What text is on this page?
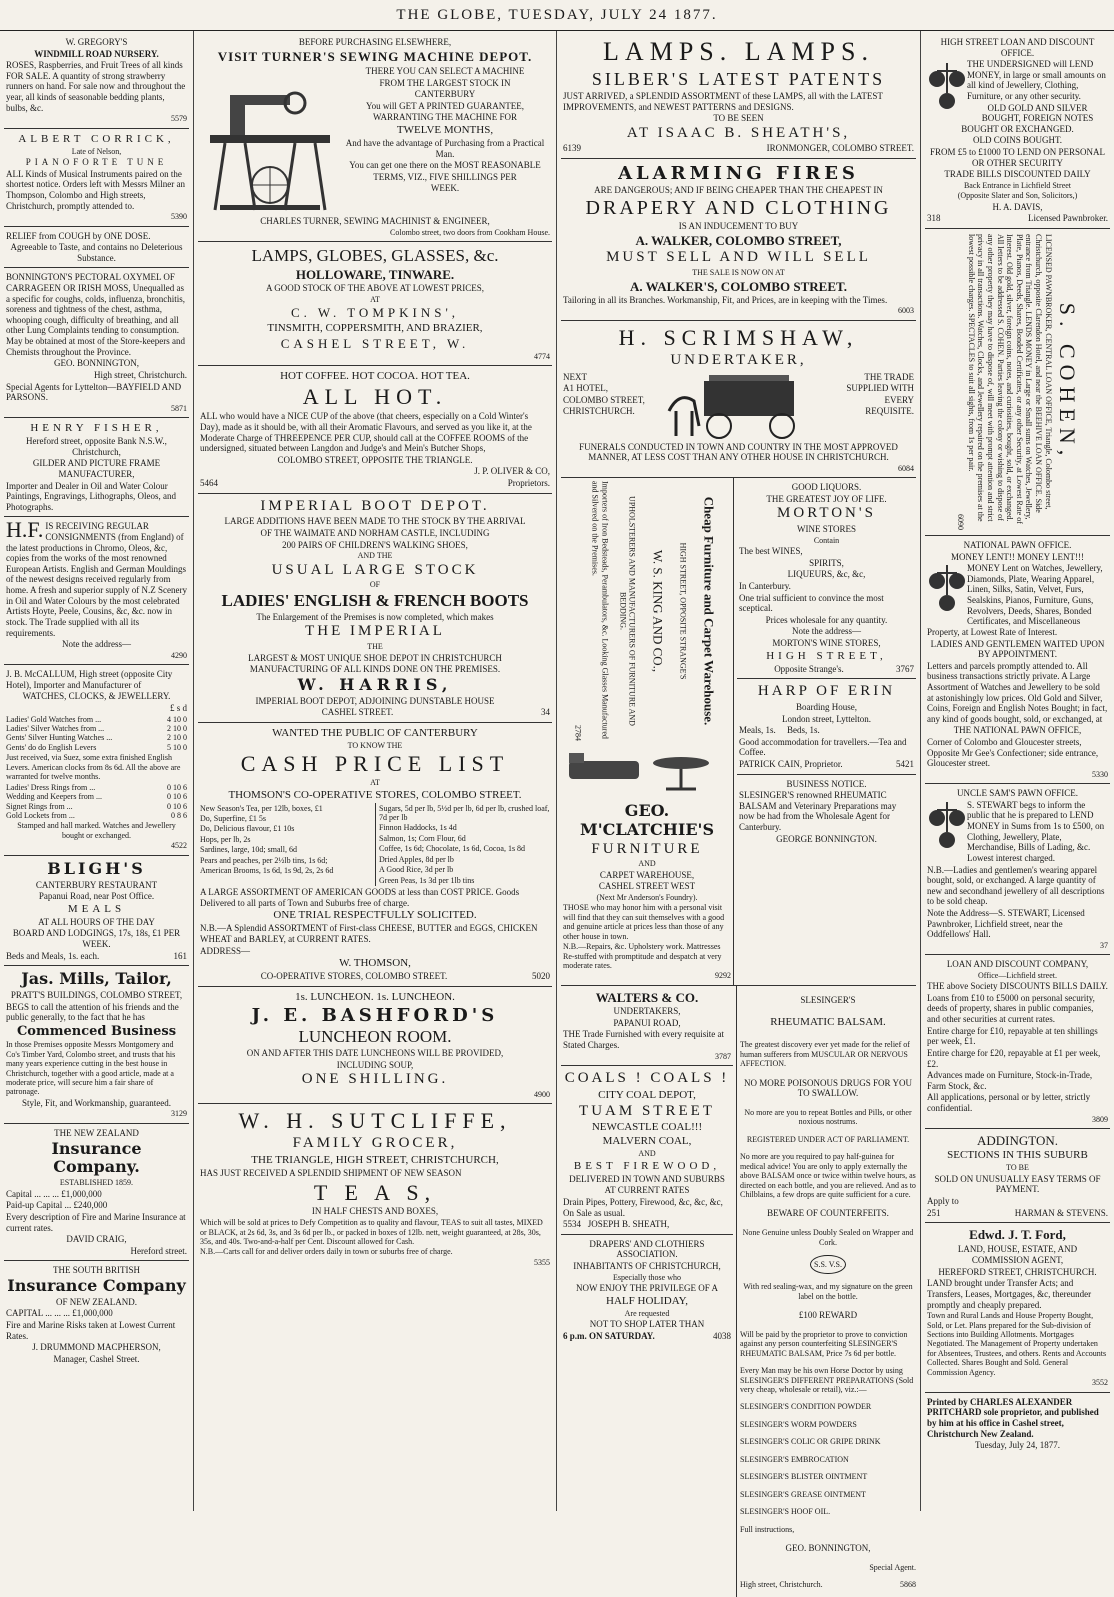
THE GLOBE, TUESDAY, JULY 24 1877.

W. GREGORY'S

WINDMILL ROAD NURSERY.

ROSES, Raspberries, and Fruit Trees of all kinds FOR SALE. A quantity of strong strawberry runners on hand. For sale now and throughout the year, all kinds of seasonable bedding plants, bulbs, &c.

5579

ALBERT CORRICK,

Late of Nelson,

PIANOFORTE TUNE

ALL Kinds of Musical Instruments paired on the shortest notice. Orders left with Messrs Milner an Thompson, Colombo and High streets, Christchurch, promptly attended to.

5390

RELIEF from COUGH by ONE DOSE.

Agreeable to Taste, and contains no Deleterious Substance.

BONNINGTON'S PECTORAL OXYMEL OF CARRAGEEN OR IRISH MOSS, Unequalled as a specific for coughs, colds, influenza, bronchitis, soreness and tightness of the chest, asthma, whooping cough, difficulty of breathing, and all other Lung Complaints tending to consumption. May be obtained at most of the Store-keepers and Chemists throughout the Province.

GEO. BONNINGTON,

High street, Christchurch.

Special Agents for Lyttelton—BAYFIELD AND PARSONS.

5871

HENRY FISHER,

Hereford street, opposite Bank N.S.W., Christchurch,

GILDER AND PICTURE FRAME MANUFACTURER,

Importer and Dealer in Oil and Water Colour Paintings, Engravings, Lithographs, Oleos, and Photographs.

H.F. IS RECEIVING REGULAR CONSIGNMENTS (from England) of the latest productions in Chromo, Oleos, &c, copies from the works of the most renowned European Artists. English and German Mouldings of the newest designs received regularly from home. A fresh and superior supply of N.Z Scenery in Oil and Water Colours by the most celebrated Artists Hoyte, Peele, Cousins, &c, &c. now in stock. The Trade supplied with all its requirements.

Note the address—

4290

J. B. McCALLUM, High street (opposite City Hotel), Importer and Manufacturer of

WATCHES, CLOCKS, & JEWELLERY.

£ s d

Ladies' Gold Watches from ...	4 10 0
Ladies' Silver Watches from ...	2 10 0
Gents' Silver Hunting Watches ...	2 10 0
Gents' do do English Levers	5 10 0

Just received, via Suez, some extra finished English Levers. American clocks from 8s 6d. All the above are warranted for twelve months.

Ladies' Dress Rings from ...	0 10 6
Wedding and Keepers from ...	0 10 6
Signet Rings from ...	0 10 6
Gold Lockets from ...	0 8 6

Stamped and hall marked. Watches and Jewellery bought or exchanged.

4522

BLIGH'S

CANTERBURY RESTAURANT

Papanui Road, near Post Office.

MEALS

AT ALL HOURS OF THE DAY

BOARD AND LODGINGS, 17s, 18s, £1 PER WEEK.

Beds and Meals, 1s. each.	161

Jas. Mills, Tailor,

PRATT'S BUILDINGS, COLOMBO STREET,

BEGS to call the attention of his friends and the public generally, to the fact that he has

Commenced Business

In those Premises opposite Messrs Montgomery and Co's Timber Yard, Colombo street, and trusts that his many years experience cutting in the best house in Christchurch, together with a good article, made at a moderate price, will secure him a fair share of patronage.

Style, Fit, and Workmanship, guaranteed.

3129

THE NEW ZEALAND

Insurance Company.

ESTABLISHED 1859.

Capital ... ... ... £1,000,000

Paid-up Capital ... £240,000

Every description of Fire and Marine Insurance at current rates.

DAVID CRAIG,

Hereford street.

THE SOUTH BRITISH

Insurance Company

OF NEW ZEALAND.

CAPITAL ... ... ... £1,000,000

Fire and Marine Risks taken at Lowest Current Rates.

J. DRUMMOND MACPHERSON,

Manager, Cashel Street.

BEFORE PURCHASING ELSEWHERE,

VISIT TURNER'S SEWING MACHINE DEPOT.

THERE YOU CAN SELECT A MACHINE

FROM THE LARGEST STOCK IN

CANTERBURY

You will GET A PRINTED GUARANTEE,

WARRANTING THE MACHINE FOR

TWELVE MONTHS,

And have the advantage of Purchasing from a Practical Man.

You can get one there on the MOST REASONABLE

TERMS, VIZ., FIVE SHILLINGS PER

WEEK.

CHARLES TURNER, SEWING MACHINIST & ENGINEER,

Colombo street, two doors from Cookham House.

LAMPS, GLOBES, GLASSES, &c.

HOLLOWARE, TINWARE.

A GOOD STOCK OF THE ABOVE AT LOWEST PRICES,

AT

C. W. TOMPKINS',

TINSMITH, COPPERSMITH, AND BRAZIER,

CASHEL STREET, W.

4774

HOT COFFEE. HOT COCOA. HOT TEA.

ALL HOT.

ALL who would have a NICE CUP of the above (that cheers, especially on a Cold Winter's Day), made as it should be, with all their Aromatic Flavours, and served as you like it, at the Moderate Charge of THREEPENCE PER CUP, should call at the COFFEE ROOMS of the undersigned, situated between Langdon and Judge's and Mein's Butcher Shops,

COLOMBO STREET, OPPOSITE THE TRIANGLE.

J. P. OLIVER & CO,

5464	Proprietors.

IMPERIAL BOOT DEPOT.

LARGE ADDITIONS HAVE BEEN MADE TO THE STOCK BY THE ARRIVAL

OF THE WAIMATE AND NORHAM CASTLE, INCLUDING

200 PAIRS OF CHILDREN'S WALKING SHOES,

AND THE

USUAL LARGE STOCK

OF

LADIES' ENGLISH & FRENCH BOOTS

The Enlargement of the Premises is now completed, which makes

THE IMPERIAL

THE

LARGEST & MOST UNIQUE SHOE DEPOT IN CHRISTCHURCH

MANUFACTURING OF ALL KINDS DONE ON THE PREMISES.

W. HARRIS,

IMPERIAL BOOT DEPOT, ADJOINING DUNSTABLE HOUSE

CASHEL STREET.	34

WANTED THE PUBLIC OF CANTERBURY

TO KNOW THE

CASH PRICE LIST

AT

THOMSON'S CO-OPERATIVE STORES, COLOMBO STREET.

New Season's Tea, per 12lb, boxes, £1

Do, Superfine, £1 5s

Do, Delicious flavour, £1 10s

Hops, per lb, 2s

Sardines, large, 10d; small, 6d

Pears and peaches, per 2½lb tins, 1s 6d;

American Brooms, 1s 6d, 1s 9d, 2s, 2s 6d

Sugars, 5d per lb, 5½d per lb, 6d per lb, crushed loaf, 7d per lb

Finnon Haddocks, 1s 4d

Salmon, 1s; Corn Flour, 6d

Coffee, 1s 6d; Chocolate, 1s 6d, Cocoa, 1s 8d

Dried Apples, 8d per lb

A Good Rice, 3d per lb

Green Peas, 1s 3d per 1lb tins

A LARGE ASSORTMENT OF AMERICAN GOODS at less than COST PRICE. Goods Delivered to all parts of Town and Suburbs free of charge.

ONE TRIAL RESPECTFULLY SOLICITED.

N.B.—A Splendid ASSORTMENT of First-class CHEESE, BUTTER and EGGS, CHICKEN WHEAT and BARLEY, at CURRENT RATES.

ADDRESS—

W. THOMSON,

CO-OPERATIVE STORES, COLOMBO STREET.	5020

1s. LUNCHEON. 1s. LUNCHEON.

J. E. BASHFORD'S

LUNCHEON ROOM.

ON AND AFTER THIS DATE LUNCHEONS WILL BE PROVIDED,

INCLUDING SOUP,

ONE SHILLING.

4900

W. H. SUTCLIFFE,

FAMILY GROCER,

THE TRIANGLE, HIGH STREET, CHRISTCHURCH,

HAS JUST RECEIVED A SPLENDID SHIPMENT OF NEW SEASON

T E A S,

IN HALF CHESTS AND BOXES,

Which will be sold at prices to Defy Competition as to quality and flavour, TEAS to suit all tastes, MIXED or BLACK, at 2s 6d, 3s, and 3s 6d per lb., or packed in boxes of 12lb. nett, weight guaranteed, at 28s, 30s, 35s, and 40s. Two-and-a-half per Cent. Discount allowed for Cash.

N.B.—Carts call for and deliver orders daily in town or suburbs free of charge.

5355

LAMPS. LAMPS.

SILBER'S LATEST PATENTS

JUST ARRIVED, a SPLENDID ASSORTMENT of these LAMPS, all with the LATEST IMPROVEMENTS, and NEWEST PATTERNS and DESIGNS.

TO BE SEEN

AT ISAAC B. SHEATH'S,

6139	IRONMONGER, COLOMBO STREET.

ALARMING FIRES

ARE DANGEROUS; AND IF BEING CHEAPER THAN THE CHEAPEST IN

DRAPERY AND CLOTHING

IS AN INDUCEMENT TO BUY

A. WALKER, COLOMBO STREET,

MUST SELL AND WILL SELL

THE SALE IS NOW ON AT

A. WALKER'S, COLOMBO STREET.

Tailoring in all its Branches. Workmanship, Fit, and Prices, are in keeping with the Times.

6003

H. SCRIMSHAW,

UNDERTAKER,

NEXT

A1 HOTEL,

COLOMBO STREET,

CHRISTCHURCH.

THE TRADE

SUPPLIED WITH

EVERY

REQUISITE.

FUNERALS CONDUCTED IN TOWN AND COUNTRY IN THE MOST APPROVED MANNER, AT LESS COST THAN ANY OTHER HOUSE IN CHRISTCHURCH.

6084

Cheap Furniture and Carpet Warehouse.

HIGH STREET, OPPOSITE STRANGE'S

W. S. KING AND CO.,

UPHOLSTERERS AND MANUFACTURERS OF FURNITURE AND BEDDING.

Importers of Iron Bedsteads, Perambulators, &c. Looking Glasses Manufactured and Silvered on the Premises.

2784

GEO. M'CLATCHIE'S

FURNITURE

AND

CARPET WAREHOUSE,

CASHEL STREET WEST

(Next Mr Anderson's Foundry).

THOSE who may honor him with a personal visit will find that they can suit themselves with a good and genuine article at prices less than those of any other house in town.

N.B.—Repairs, &c. Upholstery work. Mattresses Re-stuffed with promptitude and despatch at very moderate rates.

9292

GOOD LIQUORS.

THE GREATEST JOY OF LIFE.

MORTON'S

WINE STORES

Contain

The best WINES,

SPIRITS,

LIQUEURS, &c, &c,

In Canterbury.

One trial sufficient to convince the most sceptical.

Prices wholesale for any quantity.

Note the address—

MORTON'S WINE STORES,

HIGH STREET,

Opposite Strange's.	3767

HARP OF ERIN

Boarding House,

London street, Lyttelton.

Meals, 1s. Beds, 1s.

Good accommodation for travellers.—Tea and Coffee.

PATRICK CAIN, Proprietor.	5421

BUSINESS NOTICE.

SLESINGER'S renowned RHEUMATIC BALSAM and Veterinary Preparations may now be had from the Wholesale Agent for Canterbury.

GEORGE BONNINGTON.

WALTERS & CO.

UNDERTAKERS,

PAPANUI ROAD,

THE Trade Furnished with every requisite at Stated Charges.

3787

COALS ! COALS !

CITY COAL DEPOT,

TUAM STREET

NEWCASTLE COAL!!!

MALVERN COAL,

AND

BEST FIREWOOD,

DELIVERED IN TOWN AND SUBURBS

AT CURRENT RATES

Drain Pipes, Pottery, Firewood, &c, &c, &c, On Sale as usual.

5534 JOSEPH B. SHEATH,

DRAPERS' AND CLOTHIERS ASSOCIATION.

INHABITANTS OF CHRISTCHURCH,

Especially those who

NOW ENJOY THE PRIVILEGE OF A

HALF HOLIDAY,

Are requested

NOT TO SHOP LATER THAN

6 p.m. ON SATURDAY.	4038

SLESINGER'S

RHEUMATIC BALSAM.

The greatest discovery ever yet made for the relief of human sufferers from MUSCULAR OR NERVOUS AFFECTION.

NO MORE POISONOUS DRUGS FOR YOU TO SWALLOW.

No more are you to repeat Bottles and Pills, or other noxious nostrums.

REGISTERED UNDER ACT OF PARLIAMENT.

No more are you required to pay half-guinea for medical advice! You are only to apply externally the above BALSAM once or twice within twelve hours, as directed on each bottle, and you are relieved. And as to Chilblains, a few drops are quite sufficient for a cure.

BEWARE OF COUNTERFEITS.

None Genuine unless Doubly Sealed on Wrapper and Cork.

S.S. V.S.

With red sealing-wax, and my signature on the green label on the bottle.

£100 REWARD

Will be paid by the proprietor to prove to conviction against any person counterfeiting SLESINGER'S RHEUMATIC BALSAM, Price 7s 6d per bottle.

Every Man may be his own Horse Doctor by using SLESINGER'S DIFFERENT PREPARATIONS (Sold very cheap, wholesale or retail), viz.:—

SLESINGER'S CONDITION POWDER

SLESINGER'S WORM POWDERS

SLESINGER'S COLIC OR GRIPE DRINK

SLESINGER'S EMBROCATION

SLESINGER'S BLISTER OINTMENT

SLESINGER'S GREASE OINTMENT

SLESINGER'S HOOF OIL.

Full instructions,

GEO. BONNINGTON,

Special Agent.

High street, Christchurch.	5868

HIGH STREET LOAN AND DISCOUNT OFFICE.

THE UNDERSIGNED will LEND MONEY, in large or small amounts on all kind of Jewellery, Clothing, Furniture, or any other security.

OLD GOLD AND SILVER BOUGHT, FOREIGN NOTES BOUGHT OR EXCHANGED.

OLD COINS BOUGHT.

FROM £5 to £1000 TO LEND ON PERSONAL OR OTHER SECURITY

TRADE BILLS DISCOUNTED DAILY

Back Entrance in Lichfield Street

(Opposite Slater and Son, Solicitors,)

H. A. DAVIS,

318	Licensed Pawnbroker.

S. COHEN,

LICENSED PAWNBROKER, CENTRAL LOAN OFFICE, Triangle, Colombo street, Christchurch, opposite Clarendon Hotel, and near the BEEHIVE LOAN OFFICE. Side entrance from Triangle. LENDS MONEY in Large or Small sums on Watches, Jewellery, Plate, Pianos, Deeds, Shares, Bonded Certificates, or any other Security, at Lowest Rate of Interest. Old gold, silver, foreign coins, notes, and curiosities, bought, sold, or exchanged. All letters to be addressed S. COHEN. Parties leaving the colony or wishing to dispose of any other property they may have to dispose of, will meet with prompt attention and strict privacy in all transactions. Watches, Clocks, and Jewellery repaired on the premises at the lowest possible charges. SPECTACLES to suit all sights, from 1s per pair.

6090

NATIONAL PAWN OFFICE.

MONEY LENT!! MONEY LENT!!!

MONEY Lent on Watches, Jewellery, Diamonds, Plate, Wearing Apparel, Linen, Silks, Satin, Velvet, Furs, Sealskins, Pianos, Furniture, Guns, Revolvers, Deeds, Shares, Bonded Certificates, and Miscellaneous Property, at Lowest Rate of Interest.

LADIES AND GENTLEMEN WAITED UPON BY APPOINTMENT.

Letters and parcels promptly attended to. All business transactions strictly private. A Large Assortment of Watches and Jewellery to be sold at astonishingly low prices. Old Gold and Silver, Coins, Foreign and English Notes Bought; in fact, any kind of goods bought, sold, or exchanged, at

THE NATIONAL PAWN OFFICE,

Corner of Colombo and Gloucester streets, Opposite Mr Gee's Confectioner; side entrance, Gloucester street.

5330

UNCLE SAM'S PAWN OFFICE.

S. STEWART begs to inform the public that he is prepared to LEND MONEY in Sums from 1s to £500, on Clothing, Jewellery, Plate, Merchandise, Bills of Lading, &c. Lowest interest charged.

N.B.—Ladies and gentlemen's wearing apparel bought, sold, or exchanged. A large quantity of new and secondhand jewellery of all descriptions to be sold cheap.

Note the Address—S. STEWART, Licensed Pawnbroker, Lichfield street, near the Oddfellows' Hall.

37

LOAN AND DISCOUNT COMPANY,

Office—Lichfield street.

THE above Society DISCOUNTS BILLS DAILY.

Loans from £10 to £5000 on personal security, deeds of property, shares in public companies, and other securities at current rates.

Entire charge for £10, repayable at ten shillings per week, £1.

Entire charge for £20, repayable at £1 per week, £2.

Advances made on Furniture, Stock-in-Trade, Farm Stock, &c.

All applications, personal or by letter, strictly confidential.

3809

ADDINGTON.

SECTIONS IN THIS SUBURB

TO BE

SOLD ON UNUSUALLY EASY TERMS OF PAYMENT.

Apply to

251	HARMAN & STEVENS.

Edwd. J. T. Ford,

LAND, HOUSE, ESTATE, AND

COMMISSION AGENT,

HEREFORD STREET, CHRISTCHURCH.

LAND brought under Transfer Acts; and Transfers, Leases, Mortgages, &c, thereunder promptly and cheaply prepared.

Town and Rural Lands and House Property Bought, Sold, or Let. Plans prepared for the Sub-division of Sections into Building Allotments. Mortgages Negotiated. The Management of Property undertaken for Absentees, Trustees, and others. Rents and Accounts Collected. Shares Bought and Sold. General Commission Agency.

3552

Printed by CHARLES ALEXANDER PRITCHARD sole proprietor, and published by him at his office in Cashel street, Christchurch New Zealand.

Tuesday, July 24, 1877.
